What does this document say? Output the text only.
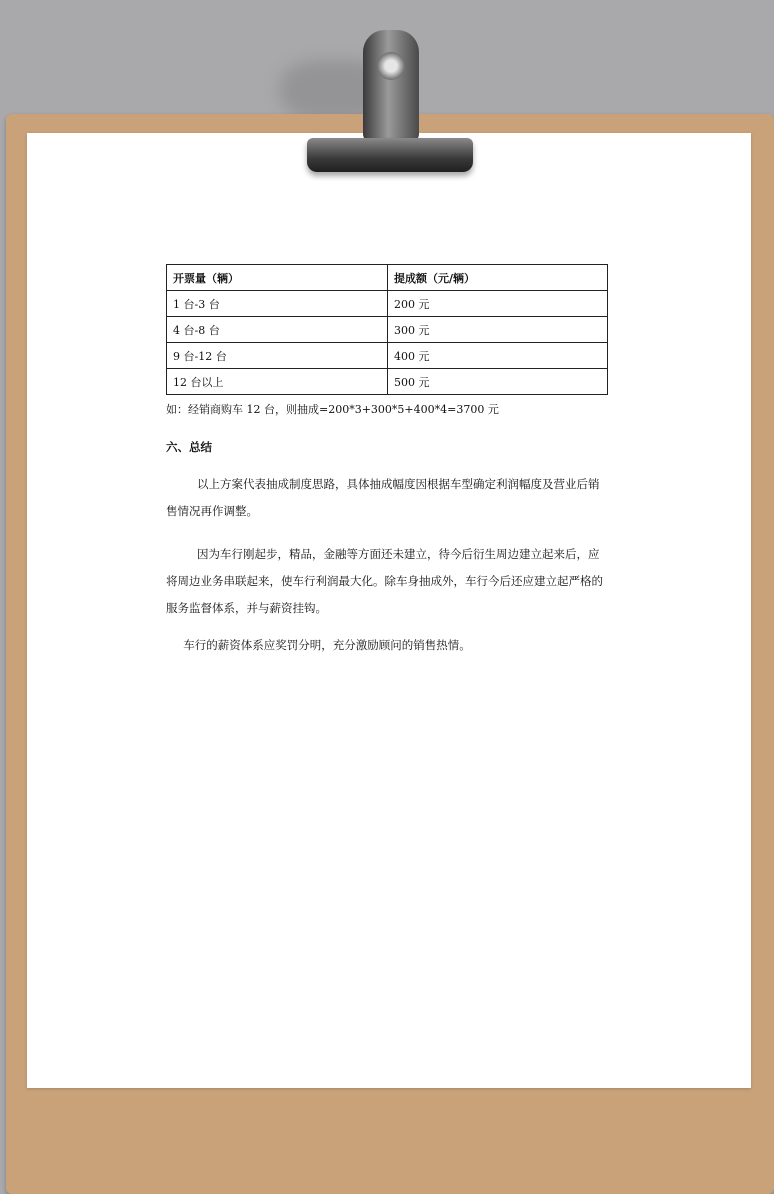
开票量（辆）	提成额（元/辆）
1 台-3 台	200 元
4 台-8 台	300 元
9 台-12 台	400 元
12 台以上	500 元
如：经销商购车 12 台，则抽成=200*3+300*5+400*4=3700 元
六、总结
以上方案代表抽成制度思路，具体抽成幅度因根据车型确定利润幅度及营业后销售情况再作调整。
因为车行刚起步，精品，金融等方面还未建立，待今后衍生周边建立起来后，应将周边业务串联起来，使车行利润最大化。除车身抽成外，车行今后还应建立起严格的服务监督体系，并与薪资挂钩。
车行的薪资体系应奖罚分明，充分激励顾问的销售热情。
